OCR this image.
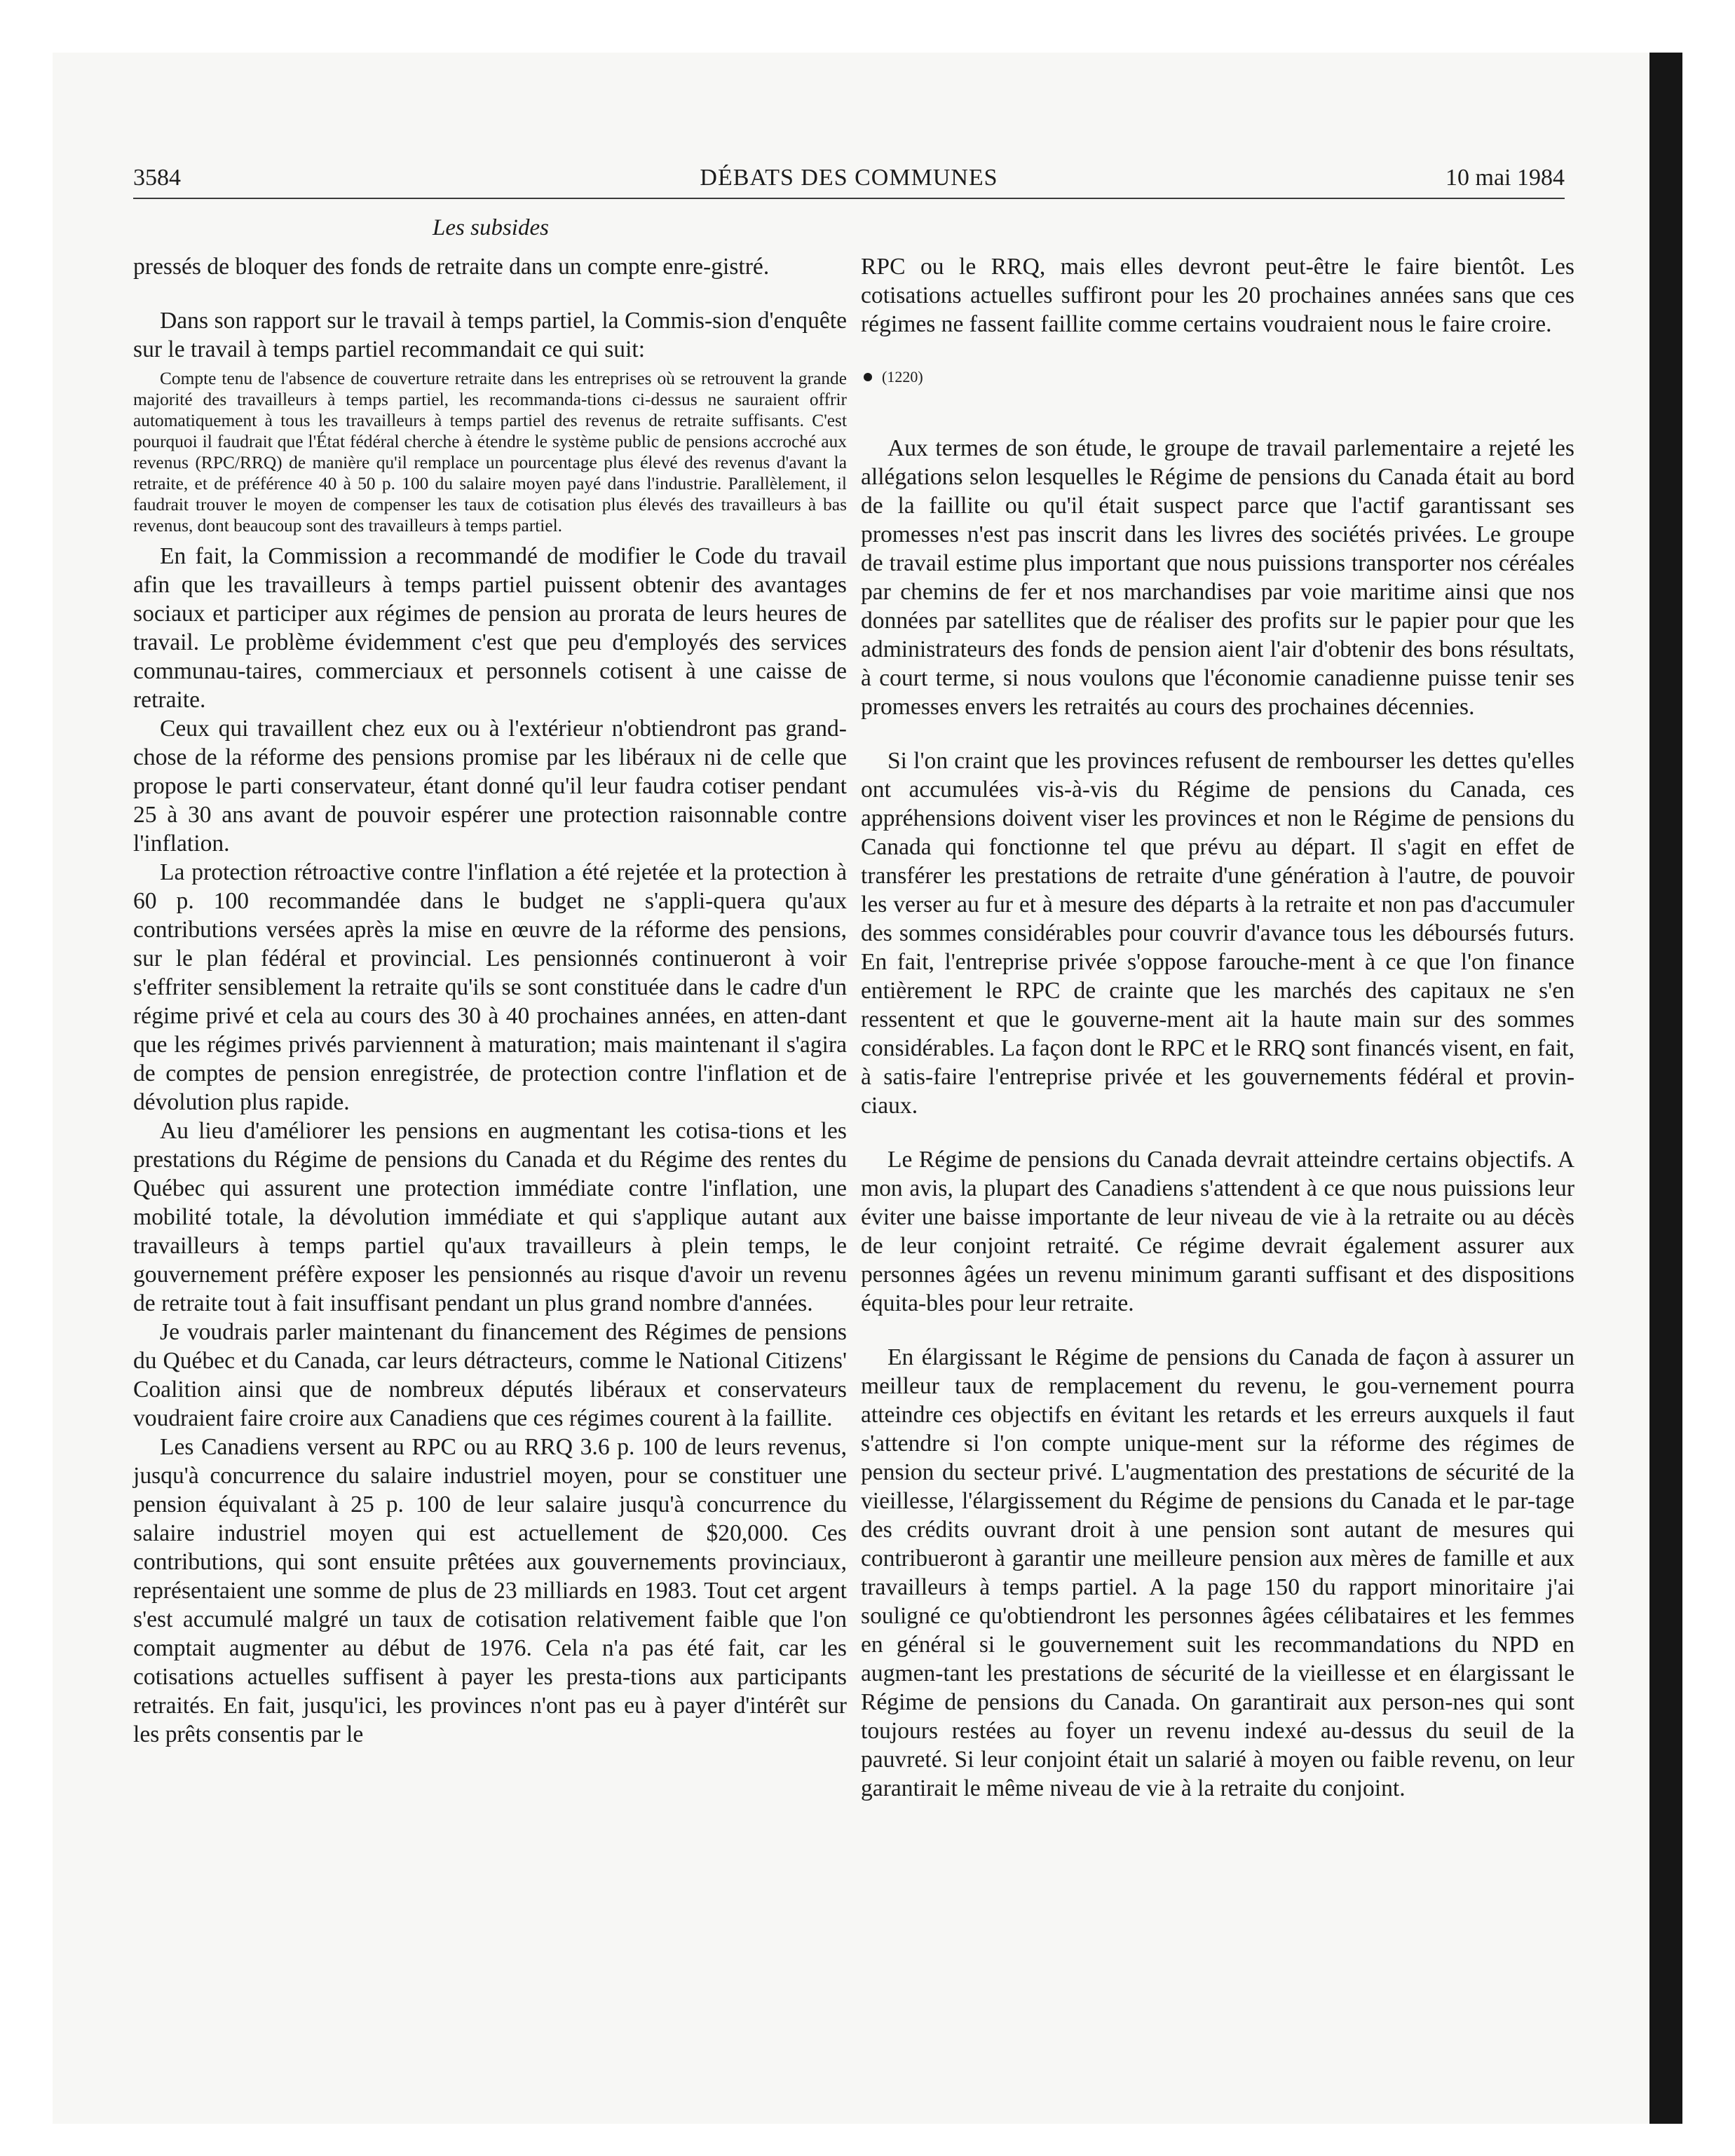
3584	DÉBATS DES COMMUNES	10 mai 1984
Les subsides

pressés de bloquer des fonds de retraite dans un compte enre-gistré.

Dans son rapport sur le travail à temps partiel, la Commis-sion d'enquête sur le travail à temps partiel recommandait ce qui suit:

Compte tenu de l'absence de couverture retraite dans les entreprises où se retrouvent la grande majorité des travailleurs à temps partiel, les recommanda-tions ci-dessus ne sauraient offrir automatiquement à tous les travailleurs à temps partiel des revenus de retraite suffisants. C'est pourquoi il faudrait que l'État fédéral cherche à étendre le système public de pensions accroché aux revenus (RPC/RRQ) de manière qu'il remplace un pourcentage plus élevé des revenus d'avant la retraite, et de préférence 40 à 50 p. 100 du salaire moyen payé dans l'industrie. Parallèlement, il faudrait trouver le moyen de compenser les taux de cotisation plus élevés des travailleurs à bas revenus, dont beaucoup sont des travailleurs à temps partiel.

En fait, la Commission a recommandé de modifier le Code du travail afin que les travailleurs à temps partiel puissent obtenir des avantages sociaux et participer aux régimes de pension au prorata de leurs heures de travail. Le problème évidemment c'est que peu d'employés des services communau-taires, commerciaux et personnels cotisent à une caisse de retraite.

Ceux qui travaillent chez eux ou à l'extérieur n'obtiendront pas grand-chose de la réforme des pensions promise par les libéraux ni de celle que propose le parti conservateur, étant donné qu'il leur faudra cotiser pendant 25 à 30 ans avant de pouvoir espérer une protection raisonnable contre l'inflation.

La protection rétroactive contre l'inflation a été rejetée et la protection à 60 p. 100 recommandée dans le budget ne s'appli-quera qu'aux contributions versées après la mise en œuvre de la réforme des pensions, sur le plan fédéral et provincial. Les pensionnés continueront à voir s'effriter sensiblement la retraite qu'ils se sont constituée dans le cadre d'un régime privé et cela au cours des 30 à 40 prochaines années, en atten-dant que les régimes privés parviennent à maturation; mais maintenant il s'agira de comptes de pension enregistrée, de protection contre l'inflation et de dévolution plus rapide.

Au lieu d'améliorer les pensions en augmentant les cotisa-tions et les prestations du Régime de pensions du Canada et du Régime des rentes du Québec qui assurent une protection immédiate contre l'inflation, une mobilité totale, la dévolution immédiate et qui s'applique autant aux travailleurs à temps partiel qu'aux travailleurs à plein temps, le gouvernement préfère exposer les pensionnés au risque d'avoir un revenu de retraite tout à fait insuffisant pendant un plus grand nombre d'années.

Je voudrais parler maintenant du financement des Régimes de pensions du Québec et du Canada, car leurs détracteurs, comme le National Citizens' Coalition ainsi que de nombreux députés libéraux et conservateurs voudraient faire croire aux Canadiens que ces régimes courent à la faillite.

Les Canadiens versent au RPC ou au RRQ 3.6 p. 100 de leurs revenus, jusqu'à concurrence du salaire industriel moyen, pour se constituer une pension équivalant à 25 p. 100 de leur salaire jusqu'à concurrence du salaire industriel moyen qui est actuellement de $20,000. Ces contributions, qui sont ensuite prêtées aux gouvernements provinciaux, représentaient une somme de plus de 23 milliards en 1983. Tout cet argent s'est accumulé malgré un taux de cotisation relativement faible que l'on comptait augmenter au début de 1976. Cela n'a pas été fait, car les cotisations actuelles suffisent à payer les presta-tions aux participants retraités. En fait, jusqu'ici, les provinces n'ont pas eu à payer d'intérêt sur les prêts consentis par le

RPC ou le RRQ, mais elles devront peut-être le faire bientôt. Les cotisations actuelles suffiront pour les 20 prochaines années sans que ces régimes ne fassent faillite comme certains voudraient nous le faire croire.

(1220)

Aux termes de son étude, le groupe de travail parlementaire a rejeté les allégations selon lesquelles le Régime de pensions du Canada était au bord de la faillite ou qu'il était suspect parce que l'actif garantissant ses promesses n'est pas inscrit dans les livres des sociétés privées. Le groupe de travail estime plus important que nous puissions transporter nos céréales par chemins de fer et nos marchandises par voie maritime ainsi que nos données par satellites que de réaliser des profits sur le papier pour que les administrateurs des fonds de pension aient l'air d'obtenir des bons résultats, à court terme, si nous voulons que l'économie canadienne puisse tenir ses promesses envers les retraités au cours des prochaines décennies.

Si l'on craint que les provinces refusent de rembourser les dettes qu'elles ont accumulées vis-à-vis du Régime de pensions du Canada, ces appréhensions doivent viser les provinces et non le Régime de pensions du Canada qui fonctionne tel que prévu au départ. Il s'agit en effet de transférer les prestations de retraite d'une génération à l'autre, de pouvoir les verser au fur et à mesure des départs à la retraite et non pas d'accumuler des sommes considérables pour couvrir d'avance tous les déboursés futurs. En fait, l'entreprise privée s'oppose farouche-ment à ce que l'on finance entièrement le RPC de crainte que les marchés des capitaux ne s'en ressentent et que le gouverne-ment ait la haute main sur des sommes considérables. La façon dont le RPC et le RRQ sont financés visent, en fait, à satis-faire l'entreprise privée et les gouvernements fédéral et provin-ciaux.

Le Régime de pensions du Canada devrait atteindre certains objectifs. A mon avis, la plupart des Canadiens s'attendent à ce que nous puissions leur éviter une baisse importante de leur niveau de vie à la retraite ou au décès de leur conjoint retraité. Ce régime devrait également assurer aux personnes âgées un revenu minimum garanti suffisant et des dispositions équita-bles pour leur retraite.

En élargissant le Régime de pensions du Canada de façon à assurer un meilleur taux de remplacement du revenu, le gou-vernement pourra atteindre ces objectifs en évitant les retards et les erreurs auxquels il faut s'attendre si l'on compte unique-ment sur la réforme des régimes de pension du secteur privé. L'augmentation des prestations de sécurité de la vieillesse, l'élargissement du Régime de pensions du Canada et le par-tage des crédits ouvrant droit à une pension sont autant de mesures qui contribueront à garantir une meilleure pension aux mères de famille et aux travailleurs à temps partiel. A la page 150 du rapport minoritaire j'ai souligné ce qu'obtiendront les personnes âgées célibataires et les femmes en général si le gouvernement suit les recommandations du NPD en augmen-tant les prestations de sécurité de la vieillesse et en élargissant le Régime de pensions du Canada. On garantirait aux person-nes qui sont toujours restées au foyer un revenu indexé au-dessus du seuil de la pauvreté. Si leur conjoint était un salarié à moyen ou faible revenu, on leur garantirait le même niveau de vie à la retraite du conjoint.
